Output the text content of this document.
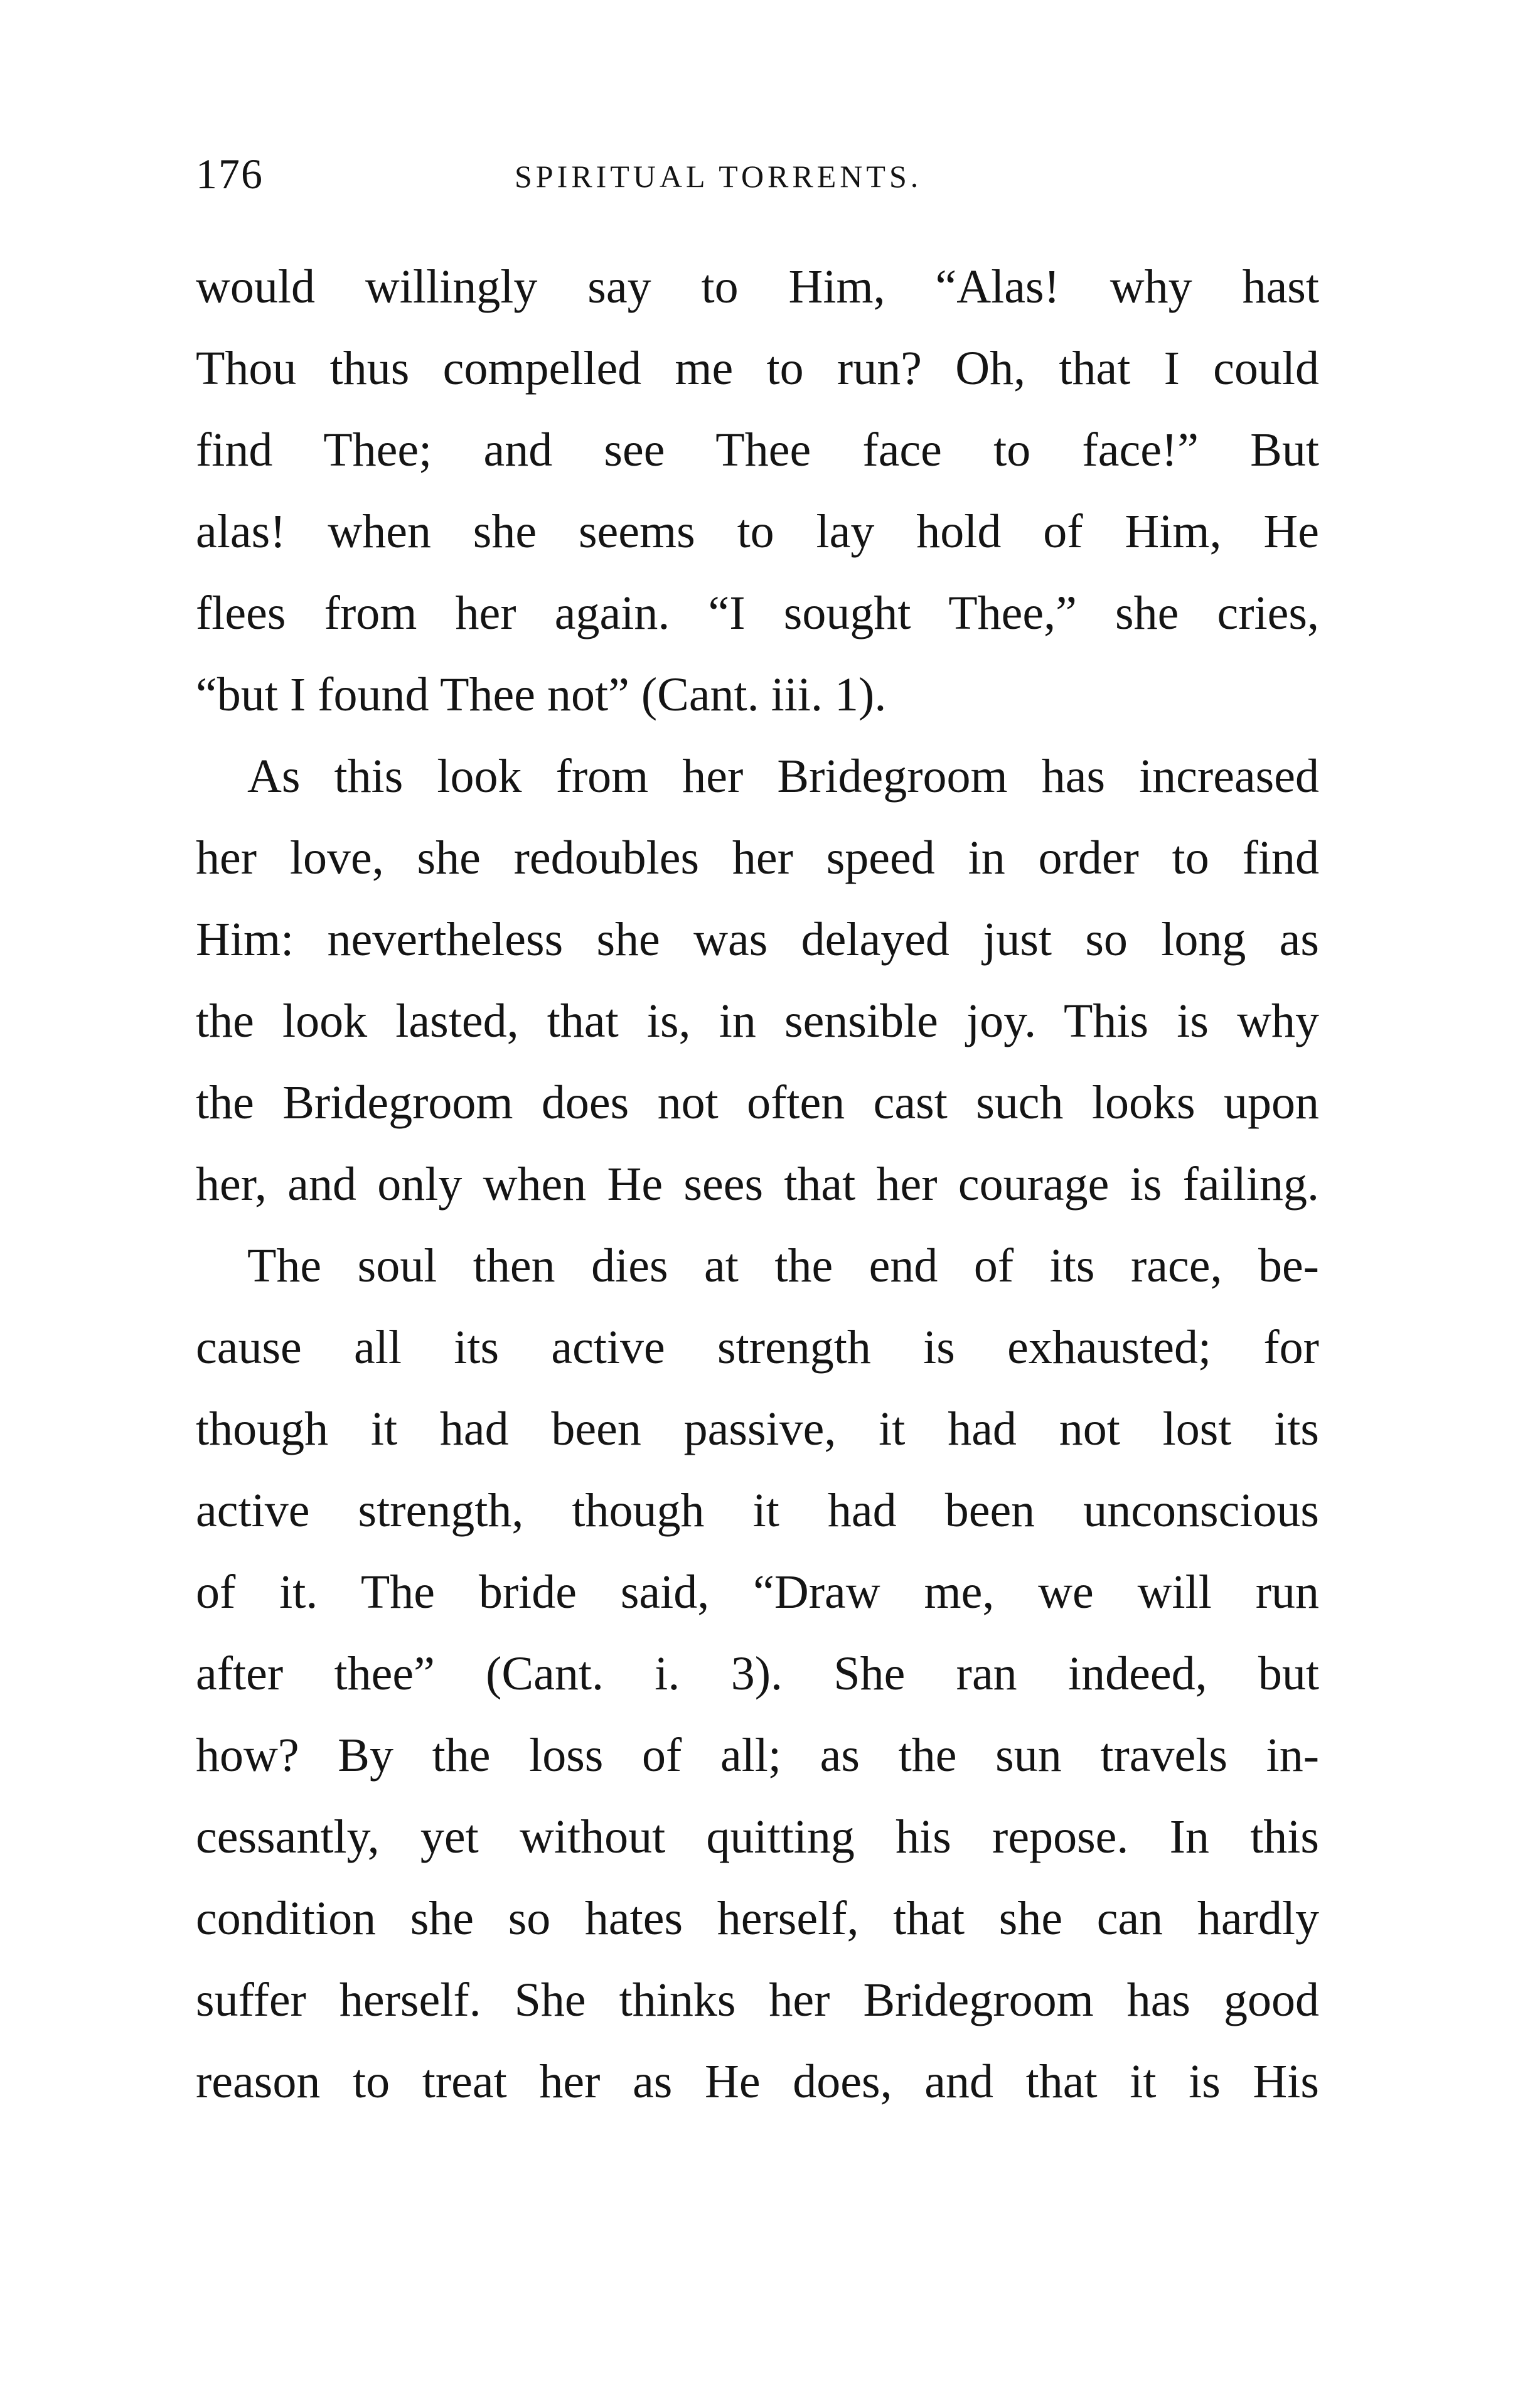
176	SPIRITUAL TORRENTS.
would willingly say to Him, “Alas! why hast
Thou thus compelled me to run? Oh, that I could
find Thee; and see Thee face to face!” But
alas! when she seems to lay hold of Him, He
flees from her again. “I sought Thee,” she cries,
“but I found Thee not” (Cant. iii. 1).
As this look from her Bridegroom has increased
her love, she redoubles her speed in order to find
Him: nevertheless she was delayed just so long as
the look lasted, that is, in sensible joy. This is why
the Bridegroom does not often cast such looks upon
her, and only when He sees that her courage is failing.
The soul then dies at the end of its race, be-
cause all its active strength is exhausted; for
though it had been passive, it had not lost its
active strength, though it had been unconscious
of it. The bride said, “Draw me, we will run
after thee” (Cant. i. 3). She ran indeed, but
how? By the loss of all; as the sun travels in-
cessantly, yet without quitting his repose. In this
condition she so hates herself, that she can hardly
suffer herself. She thinks her Bridegroom has good
reason to treat her as He does, and that it is His
